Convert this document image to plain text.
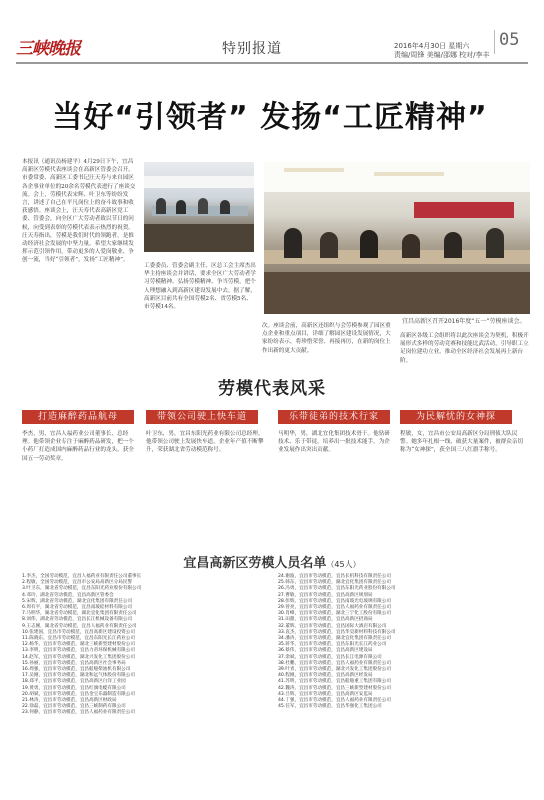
三峡晚报	特别报道	2016年4月30日 星期六
责编/周锋 美编/邵娜 校对/李丰
05
当好“引领者” 发扬“工匠精神”
本报讯（通讯员杨建平）4月29日下午，宜昌高新区劳模代表座谈会在高新区管委会召开。市委常委、高新区工委书记汪天寿与来自园区各企事业单位的20余名劳模代表进行了座谈交流。会上，劳模代表宋辉、叶卫东等纷纷发言，讲述了自己在平凡岗位上的奋斗故事和收获感悟。座谈会上，汪天寿代表高新区党工委、管委会，向全区广大劳动者致以节日的问候，向受到表彰的劳模代表表示热烈的祝贺。汪天寿指出，劳模是我们时代的领跑者，是推动经济社会发展的中坚力量。希望大家继续发挥示范引领作用，带动更多的人爱岗敬业、争创一流，当好“引领者”，发扬“工匠精神”。
工委委员、管委会副主任、区总工会主席杰出华主持座谈会并讲话，要求全区广大劳动者学习劳模精神、弘扬劳模精神、争当劳模，把个人理想融入到高新区建设发展中去。据了解，高新区目前共有全国劳模2名、省劳模5名、市劳模14名。
次。座谈会前，高新区还组织与会劳模参观了园区重点企业和重点项目，详细了解园区建设发展情况，大家纷纷表示，将珍惜荣誉、再接再厉，在新的岗位上作出新的更大贡献。
高新区各级工会组织将以此次座谈会为契机，积极开展形式多样的劳动竞赛和技能比武活动，引导职工立足岗位建功立业，推动全区经济社会发展再上新台阶。
宜昌高新区召开2016年度“五一”劳模座谈会。
劳模代表风采
打造麻醉药品航母	带领公司驶上快车道	乐带徒弟的技术行家	为民解忧的女神探
李杰，男，宜昌人福药业公司董事长、总经理。他带领企业专注于麻醉药品研发，把一个小药厂打造成国内麻醉药品行业的龙头，获全国五一劳动奖章。
叶卫东，男，宜昌东阳光药业有限公司总经理。他带领公司驶上发展快车道，企业年产值不断攀升，荣获湖北省劳动模范称号。
马明华，男，湖北宜化集团技术骨干。他钻研技术、乐于带徒，培养出一批技术能手，为企业发展作出突出贡献。
程敏，女，宜昌市公安局高新区分局刑侦大队民警。她多年扎根一线，破获大量案件，被群众亲切称为“女神探”，获全国三八红旗手称号。
宜昌高新区劳模人员名单（45人）
1.李杰，全国劳动模范，宜昌人福药业有限责任公司董事长
2.程敏，全国劳动模范，宜昌市公安局高新区分局民警
3.叶卫东，湖北省劳动模范，宜昌东阳光药业股份有限公司
4.邓玲，湖北省劳动模范，宜昌高新区管委会
5.宋辉，湖北省劳动模范，湖北宜化集团有限责任公司
6.周有平，湖北省劳动模范，宜昌南玻硅材料有限公司
7.马明华，湖北省劳动模范，湖北宜化集团有限责任公司
8.刘伟，湖北省劳动模范，宜昌长江机械设备有限公司
9.王志刚，湖北省劳动模范，宜昌人福药业有限责任公司
10.张建国，宜昌市劳动模范，宜昌高新区建设投资公司
11.陈晓东，宜昌市劳动模范，宜昌东阳光长江药业公司
12.杨华，宜昌市劳动模范，湖北三峡新型建材股份公司
13.李明，宜昌市劳动模范，宜昌力帝环保机械有限公司
14.赵军，宜昌市劳动模范，湖北兴发化工集团股份公司
15.孙丽，宜昌市劳动模范，宜昌高新区社会事务局
16.周强，宜昌市劳动模范，宜昌船舶柴油机有限公司
17.吴刚，宜昌市劳动模范，湖北和远气体股份有限公司
18.郑平，宜昌市劳动模范，宜昌高新区白洋工业园
19.黄勇，宜昌市劳动模范，宜昌红旗电缆有限公司
20.胡斌，宜昌市劳动模范，宜昌金宝乐器制造有限公司
21.林涛，宜昌市劳动模范，宜昌高新区财政局
22.徐磊，宜昌市劳动模范，宜昌三峡制药有限公司
23.何静，宜昌市劳动模范，宜昌人福药业有限责任公司
24.谢波，宜昌市劳动模范，宜昌长机科技有限责任公司
25.韩东，宜昌市劳动模范，湖北宜化集团有限责任公司
26.冯勇，宜昌市劳动模范，宜昌东阳光药业股份有限公司
27.曹敏，宜昌市劳动模范，宜昌高新区规划局
28.彭辉，宜昌市劳动模范，宜昌南玻光电玻璃有限公司
29.曾亮，宜昌市劳动模范，宜昌人福药业有限责任公司
30.肖峰，宜昌市劳动模范，湖北三宁化工股份有限公司
31.田甜，宜昌市劳动模范，宜昌高新区招商局
32.董辉，宜昌市劳动模范，宜昌国际大酒店有限公司
33.袁杰，宜昌市劳动模范，宜昌华昊新材料科技有限公司
34.潘涛，宜昌市劳动模范，湖北宜化集团有限责任公司
35.蒋华，宜昌市劳动模范，宜昌东阳光长江药业公司
36.蔡伟，宜昌市劳动模范，宜昌高新区建设局
37.余斌，宜昌市劳动模范，宜昌长江电源有限公司
38.杜鹏，宜昌市劳动模范，宜昌人福药业有限责任公司
39.叶青，宜昌市劳动模范，湖北兴发化工集团股份公司
40.程刚，宜昌市劳动模范，宜昌高新区经发局
41.苏明，宜昌市劳动模范，宜昌船舶重工集团有限公司
42.魏涛，宜昌市劳动模范，宜昌三峡新型建材股份公司
43.吕辉，宜昌市劳动模范，宜昌高新区安监局
44.丁强，宜昌市劳动模范，宜昌人福药业有限责任公司
45.任军，宜昌市劳动模范，宜昌华强化工集团公司
